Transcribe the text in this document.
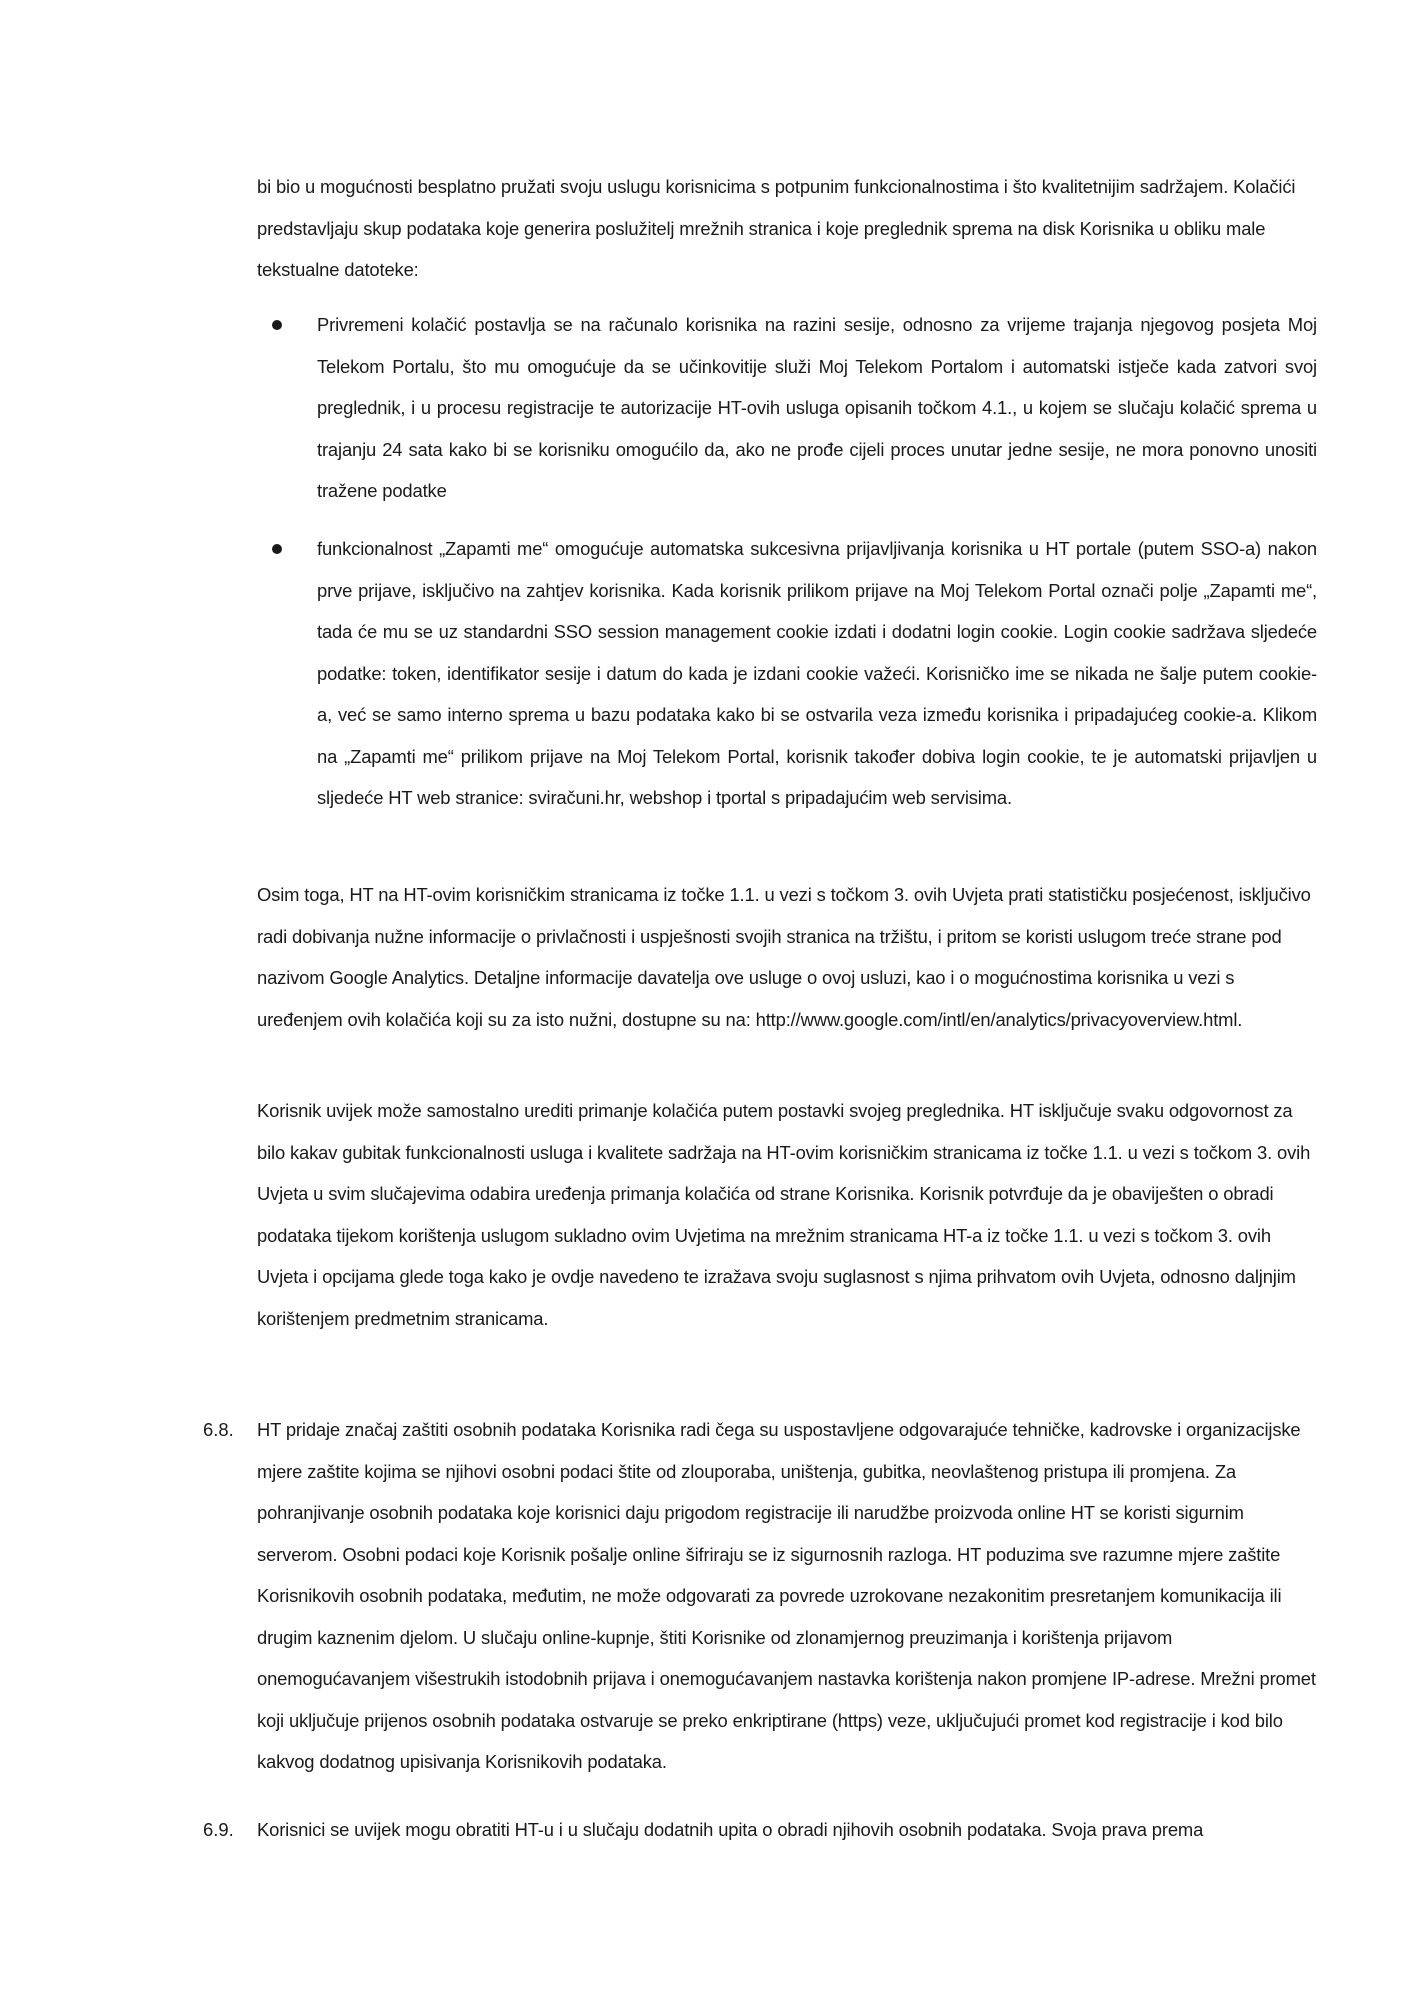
bi bio u mogućnosti besplatno pružati svoju uslugu korisnicima s potpunim funkcionalnostima i što kvalitetnijim sadržajem. Kolačići predstavljaju skup podataka koje generira poslužitelj mrežnih stranica i koje preglednik sprema na disk Korisnika u obliku male tekstualne datoteke:

Privremeni kolačić postavlja se na računalo korisnika na razini sesije, odnosno za vrijeme trajanja njegovog posjeta Moj Telekom Portalu, što mu omogućuje da se učinkovitije služi Moj Telekom Portalom i automatski istječe kada zatvori svoj preglednik, i u procesu registracije te autorizacije HT-ovih usluga opisanih točkom 4.1., u kojem se slučaju kolačić sprema u trajanju 24 sata kako bi se korisniku omogućilo da, ako ne prođe cijeli proces unutar jedne sesije, ne mora ponovno unositi tražene podatke

funkcionalnost „Zapamti me“ omogućuje automatska sukcesivna prijavljivanja korisnika u HT portale (putem SSO-a) nakon prve prijave, isključivo na zahtjev korisnika. Kada korisnik prilikom prijave na Moj Telekom Portal označi polje „Zapamti me“, tada će mu se uz standardni SSO session management cookie izdati i dodatni login cookie. Login cookie sadržava sljedeće podatke: token, identifikator sesije i datum do kada je izdani cookie važeći. Korisničko ime se nikada ne šalje putem cookie-a, već se samo interno sprema u bazu podataka kako bi se ostvarila veza između korisnika i pripadajućeg cookie-a. Klikom na „Zapamti me“ prilikom prijave na Moj Telekom Portal, korisnik također dobiva login cookie, te je automatski prijavljen u sljedeće HT web stranice: sviračuni.hr, webshop i tportal s pripadajućim web servisima.

Osim toga, HT na HT-ovim korisničkim stranicama iz točke 1.1. u vezi s točkom 3. ovih Uvjeta prati statističku posjećenost, isključivo radi dobivanja nužne informacije o privlačnosti i uspješnosti svojih stranica na tržištu, i pritom se koristi uslugom treće strane pod nazivom Google Analytics. Detaljne informacije davatelja ove usluge o ovoj usluzi, kao i o mogućnostima korisnika u vezi s uređenjem ovih kolačića koji su za isto nužni, dostupne su na: http://www.google.com/intl/en/analytics/privacyoverview.html.

Korisnik uvijek može samostalno urediti primanje kolačića putem postavki svojeg preglednika. HT isključuje svaku odgovornost za bilo kakav gubitak funkcionalnosti usluga i kvalitete sadržaja na HT-ovim korisničkim stranicama iz točke 1.1. u vezi s točkom 3. ovih Uvjeta u svim slučajevima odabira uređenja primanja kolačića od strane Korisnika. Korisnik potvrđuje da je obaviješten o obradi podataka tijekom korištenja uslugom sukladno ovim Uvjetima na mrežnim stranicama HT-a iz točke 1.1. u vezi s točkom 3. ovih Uvjeta i opcijama glede toga kako je ovdje navedeno te izražava svoju suglasnost s njima prihvatom ovih Uvjeta, odnosno daljnjim korištenjem predmetnim stranicama.

6.8. HT pridaje značaj zaštiti osobnih podataka Korisnika radi čega su uspostavljene odgovarajuće tehničke, kadrovske i organizacijske mjere zaštite kojima se njihovi osobni podaci štite od zlouporaba, uništenja, gubitka, neovlaštenog pristupa ili promjena. Za pohranjivanje osobnih podataka koje korisnici daju prigodom registracije ili narudžbe proizvoda online HT se koristi sigurnim serverom. Osobni podaci koje Korisnik pošalje online šifriraju se iz sigurnosnih razloga. HT poduzima sve razumne mjere zaštite Korisnikovih osobnih podataka, međutim, ne može odgovarati za povrede uzrokovane nezakonitim presretanjem komunikacija ili drugim kaznenim djelom. U slučaju online-kupnje, štiti Korisnike od zlonamjernog preuzimanja i korištenja prijavom onemogućavanjem višestrukih istodobnih prijava i onemogućavanjem nastavka korištenja nakon promjene IP-adrese. Mrežni promet koji uključuje prijenos osobnih podataka ostvaruje se preko enkriptirane (https) veze, uključujući promet kod registracije i kod bilo kakvog dodatnog upisivanja Korisnikovih podataka.

6.9. Korisnici se uvijek mogu obratiti HT-u i u slučaju dodatnih upita o obradi njihovih osobnih podataka. Svoja prava prema
